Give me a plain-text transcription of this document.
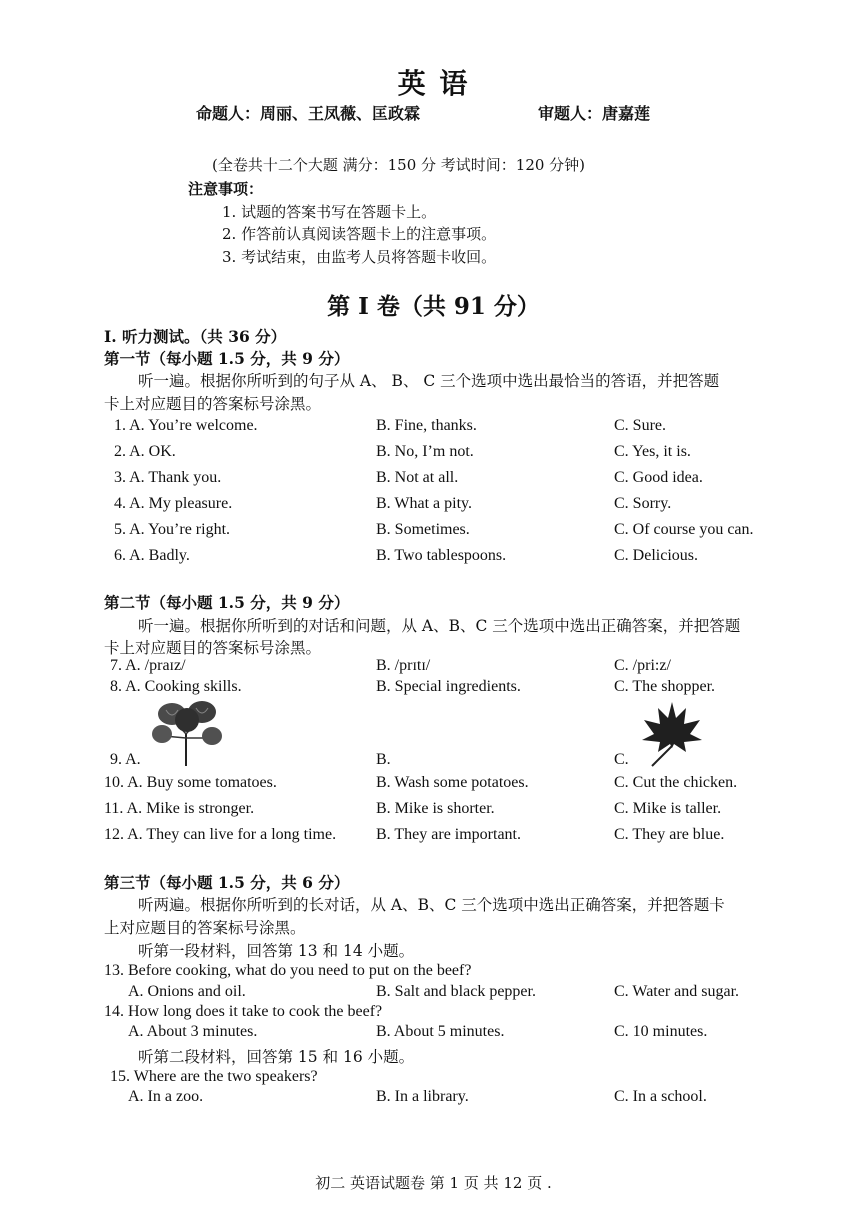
英 语
命题人：周丽、王凤薇、匡政霖	审题人：唐嘉莲
(全卷共十二个大题 满分：150 分 考试时间：120 分钟)
注意事项：
1. 试题的答案书写在答题卡上。
2. 作答前认真阅读答题卡上的注意事项。
3. 考试结束，由监考人员将答题卡收回。
第 I 卷（共 91 分）
I. 听力测试。（共 36 分）
第一节（每小题 1.5 分，共 9 分）
听一遍。根据你所听到的句子从 A、 B、 C 三个选项中选出最恰当的答语，并把答题
卡上对应题目的答案标号涂黑。
1. A. You’re welcome.	B. Fine, thanks.	C. Sure.
2. A. OK.	B. No, I’m not.	C. Yes, it is.
3. A. Thank you.	B. Not at all.	C. Good idea.
4. A. My pleasure.	B. What a pity.	C. Sorry.
5. A. You’re right.	B. Sometimes.	C. Of course you can.
6. A. Badly.	B. Two tablespoons.	C. Delicious.
第二节（每小题 1.5 分，共 9 分）
听一遍。根据你所听到的对话和问题，从 A、B、C 三个选项中选出正确答案，并把答题
卡上对应题目的答案标号涂黑。
7. A. /praɪz/	B. /prɪtɪ/	C. /pri:z/
8. A. Cooking skills.	B. Special ingredients.	C. The shopper.
9. A.	B.	C.
10. A. Buy some tomatoes.	B. Wash some potatoes.	C. Cut the chicken.
11. A. Mike is stronger.	B. Mike is shorter.	C. Mike is taller.
12. A. They can live for a long time. B. They are important.	C. They are blue.
第三节（每小题 1.5 分，共 6 分）
听两遍。根据你所听到的长对话，从 A、B、C 三个选项中选出正确答案，并把答题卡
上对应题目的答案标号涂黑。
听第一段材料，回答第 13 和 14 小题。
13. Before cooking, what do you need to put on the beef?
A. Onions and oil.	B. Salt and black pepper.	C. Water and sugar.
14. How long does it take to cook the beef?
A. About 3 minutes.	B. About 5 minutes.	C. 10 minutes.
听第二段材料，回答第 15 和 16 小题。
15. Where are the two speakers?
A. In a zoo.	B. In a library.	C. In a school.
初二 英语试题卷 第 1 页 共 12 页 .
